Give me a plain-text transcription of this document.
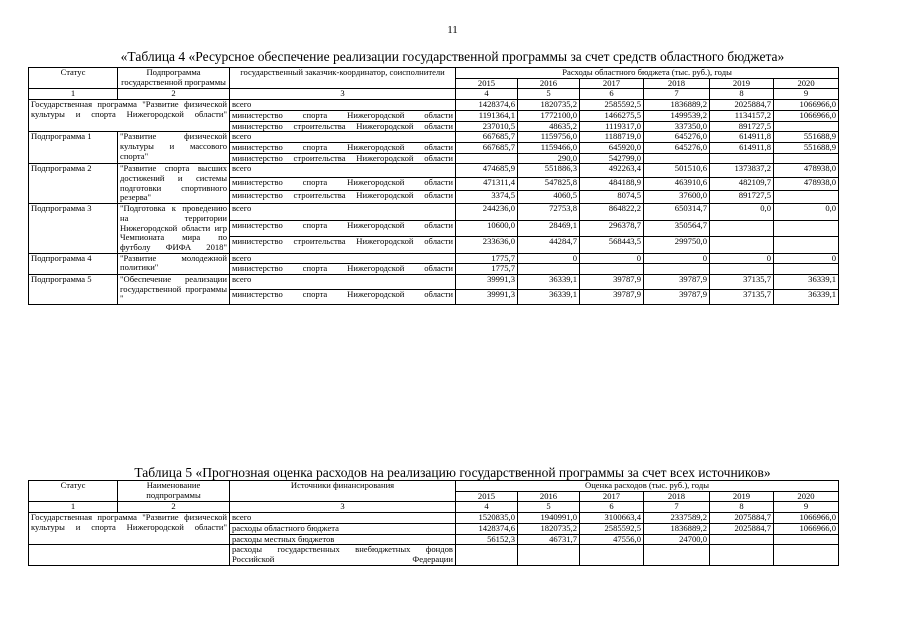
11
«Таблица 4 «Ресурсное обеспечение реализации государственной программы за счет средств областного бюджета»
Статус	Подпрограмма государственной программы	государственный заказчик-координатор, соисполнители	Расходы областного бюджета (тыс. руб.), годы					
			2015	2016	2017	2018	2019	2020
1	2	3	4	5	6	7	8	9
Государственная программа "Развитие физической культуры и спорта Нижегородской области"		всего	1428374,6	1820735,2	2585592,5	1836889,2	2025884,7	1066966,0
		министерство спорта Нижегородской области	1191364,1	1772100,0	1466275,5	1499539,2	1134157,2	1066966,0
		министерство строительства Нижегородской области	237010,5	48635,2	1119317,0	337350,0	891727,5	
Подпрограмма 1	"Развитие физической культуры и массового спорта"	всего	667685,7	1159756,0	1188719,0	645276,0	614911,8	551688,9
		министерство спорта Нижегородской области	667685,7	1159466,0	645920,0	645276,0	614911,8	551688,9
		министерство строительства Нижегородской области		290,0	542799,0			
Подпрограмма 2	"Развитие спорта высших достижений и системы подготовки спортивного резерва"	всего	474685,9	551886,3	492263,4	501510,6	1373837,2	478938,0
		министерство спорта Нижегородской области	471311,4	547825,8	484188,9	463910,6	482109,7	478938,0
		министерство строительства Нижегородской области	3374,5	4060,5	8074,5	37600,0	891727,5	
Подпрограмма 3	"Подготовка к проведению на территории Нижегородской области игр Чемпионата мира по футболу ФИФА 2018"	всего	244236,0	72753,8	864822,2	650314,7	0,0	0,0
		министерство спорта Нижегородской области	10600,0	28469,1	296378,7	350564,7		
		министерство строительства Нижегородской области	233636,0	44284,7	568443,5	299750,0		
Подпрограмма 4	"Развитие молодежной политики"	всего	1775,7	0	0	0	0	0
		министерство спорта Нижегородской области	1775,7					
Подпрограмма 5	"Обеспечение реализации государственной программы "	всего	39991,3	36339,1	39787,9	39787,9	37135,7	36339,1
		министерство спорта Нижегородской области	39991,3	36339,1	39787,9	39787,9	37135,7	36339,1
Таблица 5 «Прогнозная оценка расходов на реализацию государственной программы за счет всех источников»
Статус	Наименование подпрограммы	Источники финансирования	Оценка расходов (тыс. руб.), годы					
			2015	2016	2017	2018	2019	2020
1	2	3	4	5	6	7	8	9
Государственная программа "Развитие физической культуры и спорта Нижегородской области"		всего	1520835,0	1940991,0	3100663,4	2337589,2	2075884,7	1066966,0
		расходы областного бюджета	1428374,6	1820735,2	2585592,5	1836889,2	2025884,7	1066966,0
		расходы местных бюджетов	56152,3	46731,7	47556,0	24700,0		
		расходы государственных внебюджетных фондов Российской Федерации						
